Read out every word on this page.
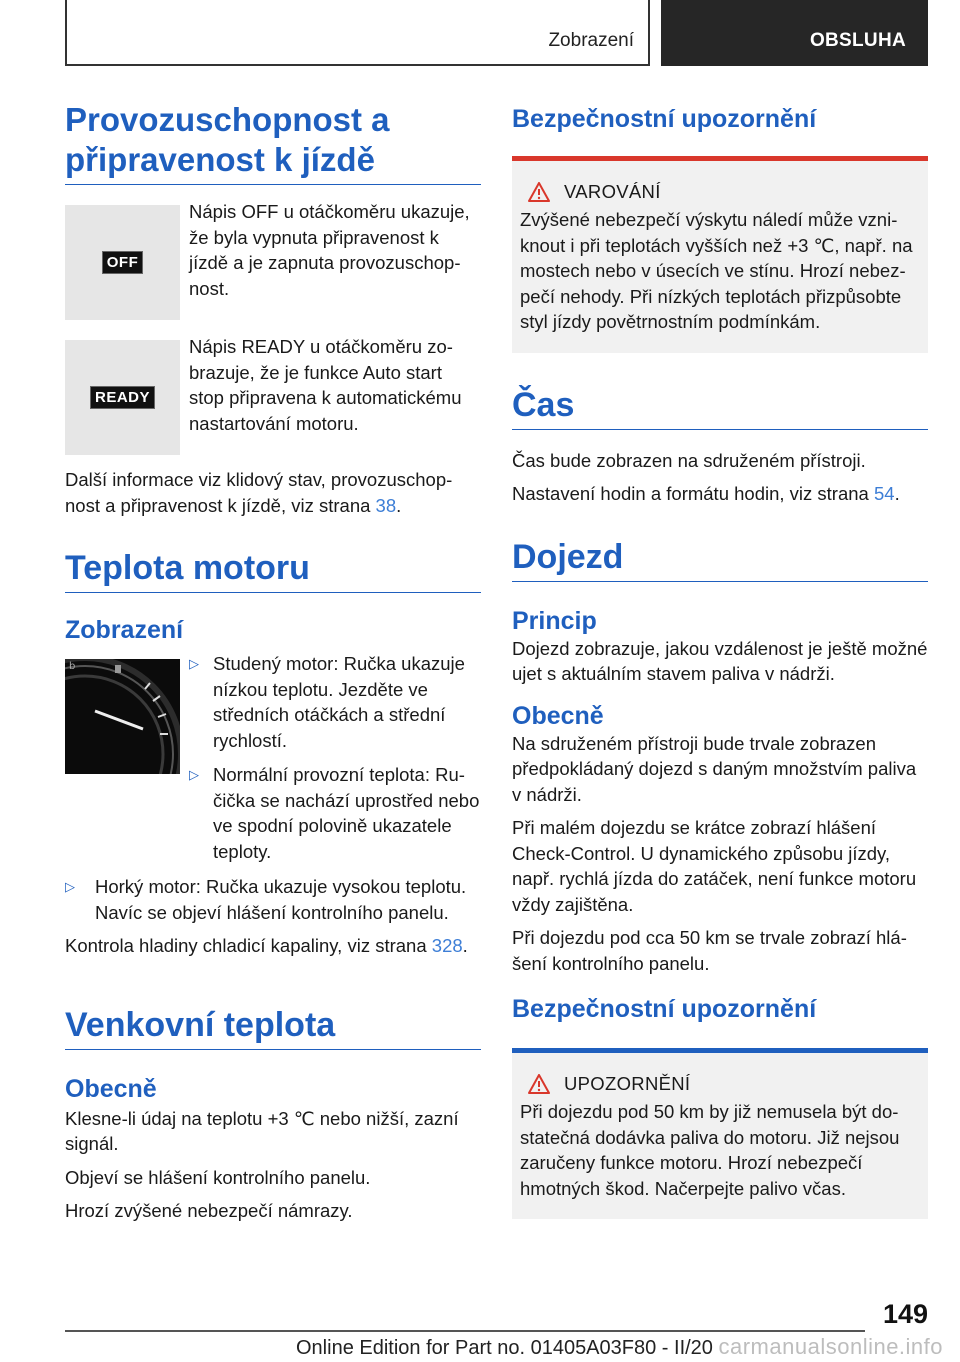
Zobrazení	OBSLUHA
Provozuschopnost a připravenost k jízdě
OFF

Nápis OFF u otáčkoměru ukazuje, že byla vypnuta připravenost k jízdě a je zapnuta provozuschopnost.

READY

Nápis READY u otáčkoměru zobrazuje, že je funkce Auto start stop připravena k automatickému nastartování motoru.

Další informace viz klidový stav, provozuschopnost a připravenost k jízdě, viz strana 38.

Teplota motoru
Zobrazení
b	▷ Studený motor: Ručka ukazuje nízkou teplotu. Jezděte ve středních otáčkách a střední rychlostí.

▷ Normální provozní teplota: Ručička se nachází uprostřed nebo ve spodní polovině ukazatele teploty.

▷	Horký motor: Ručka ukazuje vysokou teplotu. Navíc se objeví hlášení kontrolního panelu.

Kontrola hladiny chladicí kapaliny, viz strana 328.

Venkovní teplota
Obecně

Klesne-li údaj na teplotu +3 ℃ nebo nižší, zazní signál.

Objeví se hlášení kontrolního panelu.

Hrozí zvýšené nebezpečí námrazy.

Bezpečnostní upozornění
VAROVÁNÍ

Zvýšené nebezpečí výskytu náledí může vzniknout i při teplotách vyšších než +3 ℃, např. na mostech nebo v úsecích ve stínu. Hrozí nebezpečí nehody. Při nízkých teplotách přizpůsobte styl jízdy povětrnostním podmínkám.

Čas

Čas bude zobrazen na sdruženém přístroji.

Nastavení hodin a formátu hodin, viz strana 54.

Dojezd
Princip

Dojezd zobrazuje, jakou vzdálenost je ještě možné ujet s aktuálním stavem paliva v nádrži.

Obecně

Na sdruženém přístroji bude trvale zobrazen předpokládaný dojezd s daným množstvím paliva v nádrži.

Při malém dojezdu se krátce zobrazí hlášení Check-Control. U dynamického způsobu jízdy, např. rychlá jízda do zatáček, není funkce motoru vždy zajištěna.

Při dojezdu pod cca 50 km se trvale zobrazí hlášení kontrolního panelu.

Bezpečnostní upozornění
UPOZORNĚNÍ

Při dojezdu pod 50 km by již nemusela být dostatečná dodávka paliva do motoru. Již nejsou zaručeny funkce motoru. Hrozí nebezpečí hmotných škod. Načerpejte palivo včas.

149
Online Edition for Part no. 01405A03F80 - II/20 carmanualsonline.info
